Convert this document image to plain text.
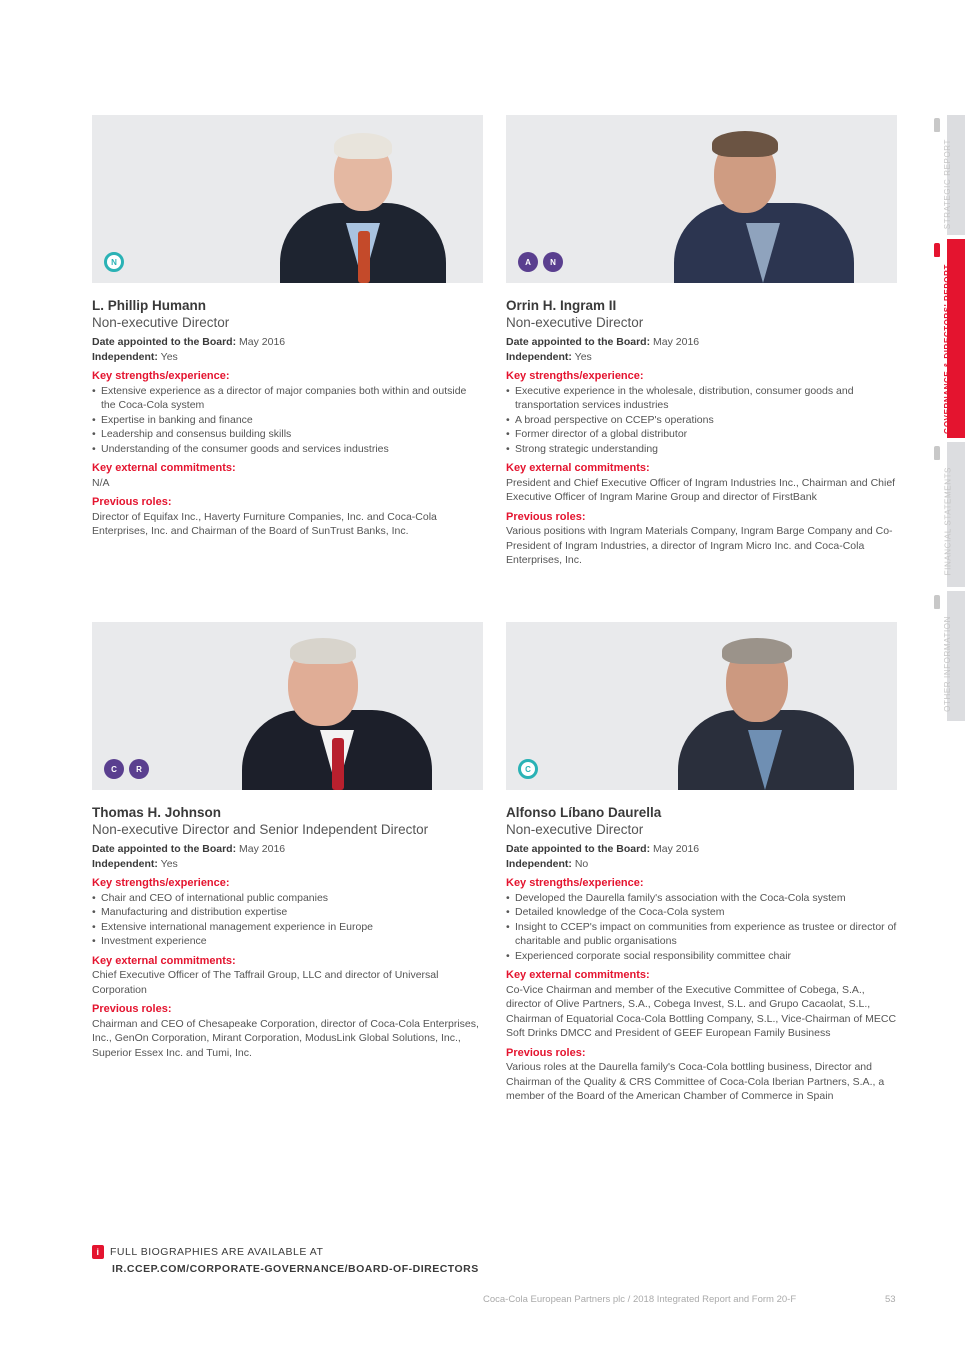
N
L. Phillip Humann
Non-executive Director
Date appointed to the Board: May 2016
Independent: Yes
Key strengths/experience:
• Extensive experience as a director of major companies both within and outside the Coca-Cola system
• Expertise in banking and finance
• Leadership and consensus building skills
• Understanding of the consumer goods and services industries
Key external commitments:
N/A
Previous roles:
Director of Equifax Inc., Haverty Furniture Companies, Inc. and Coca-Cola Enterprises, Inc. and Chairman of the Board of SunTrust Banks, Inc.
A	N
Orrin H. Ingram II
Non-executive Director
Date appointed to the Board: May 2016
Independent: Yes
Key strengths/experience:
• Executive experience in the wholesale, distribution, consumer goods and transportation services industries
• A broad perspective on CCEP's operations
• Former director of a global distributor
• Strong strategic understanding
Key external commitments:
President and Chief Executive Officer of Ingram Industries Inc., Chairman and Chief Executive Officer of Ingram Marine Group and director of FirstBank
Previous roles:
Various positions with Ingram Materials Company, Ingram Barge Company and Co-President of Ingram Industries, a director of Ingram Micro Inc. and Coca-Cola Enterprises, Inc.
C	R
Thomas H. Johnson
Non-executive Director and Senior Independent Director
Date appointed to the Board: May 2016
Independent: Yes
Key strengths/experience:
• Chair and CEO of international public companies
• Manufacturing and distribution expertise
• Extensive international management experience in Europe
• Investment experience
Key external commitments:
Chief Executive Officer of The Taffrail Group, LLC and director of Universal Corporation
Previous roles:
Chairman and CEO of Chesapeake Corporation, director of Coca-Cola Enterprises, Inc., GenOn Corporation, Mirant Corporation, ModusLink Global Solutions, Inc., Superior Essex Inc. and Tumi, Inc.
C
Alfonso Líbano Daurella
Non-executive Director
Date appointed to the Board: May 2016
Independent: No
Key strengths/experience:
• Developed the Daurella family's association with the Coca-Cola system
• Detailed knowledge of the Coca-Cola system
• Insight to CCEP's impact on communities from experience as trustee or director of charitable and public organisations
• Experienced corporate social responsibility committee chair
Key external commitments:
Co-Vice Chairman and member of the Executive Committee of Cobega, S.A., director of Olive Partners, S.A., Cobega Invest, S.L. and Grupo Cacaolat, S.L., Chairman of Equatorial Coca-Cola Bottling Company, S.L., Vice-Chairman of MECC Soft Drinks DMCC and President of GEEF European Family Business
Previous roles:
Various roles at the Daurella family's Coca-Cola bottling business, Director and Chairman of the Quality & CRS Committee of Coca-Cola Iberian Partners, S.A., a member of the Board of the American Chamber of Commerce in Spain
STRATEGIC REPORT
GOVERNANCE & DIRECTORS' REPORT
FINANCIAL STATEMENTS
OTHER INFORMATION
i FULL BIOGRAPHIES ARE AVAILABLE AT
IR.CCEP.COM/CORPORATE-GOVERNANCE/BOARD-OF-DIRECTORS
Coca-Cola European Partners plc / 2018 Integrated Report and Form 20-F	53
